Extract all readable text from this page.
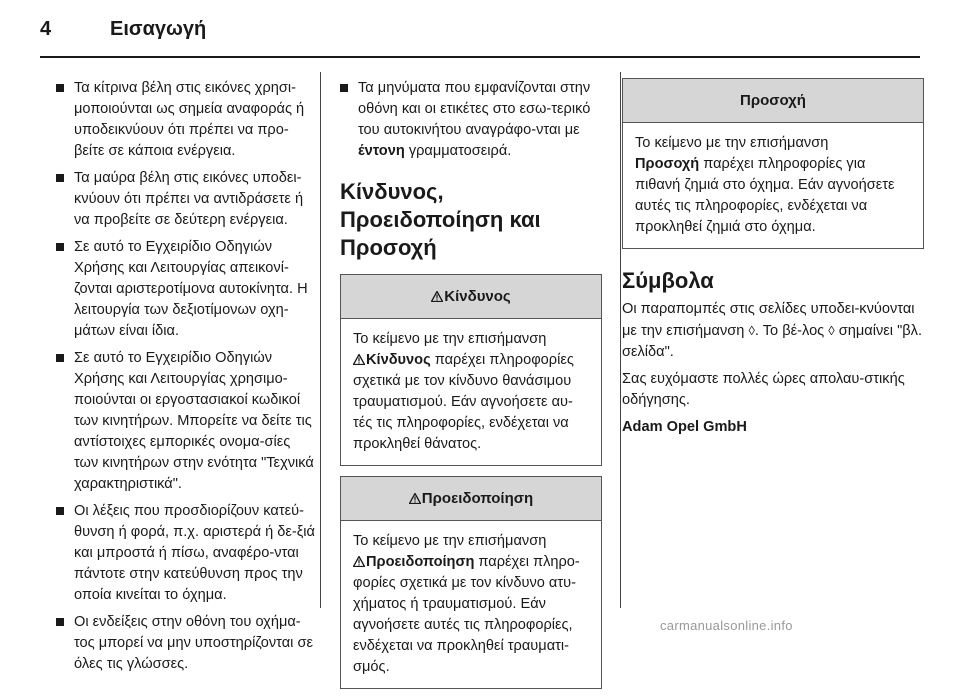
4	Εισαγωγή

Τα κίτρινα βέλη στις εικόνες χρησι-μοποιούνται ως σημεία αναφοράς ή υποδεικνύουν ότι πρέπει να προ-βείτε σε κάποια ενέργεια.

Τα μαύρα βέλη στις εικόνες υποδει-κνύουν ότι πρέπει να αντιδράσετε ή να προβείτε σε δεύτερη ενέργεια.

Σε αυτό το Εγχειρίδιο Οδηγιών Χρήσης και Λειτουργίας απεικονί-ζονται αριστεροτίμονα αυτοκίνητα. Η λειτουργία των δεξιοτίμονων οχη-μάτων είναι ίδια.

Σε αυτό το Εγχειρίδιο Οδηγιών Χρήσης και Λειτουργίας χρησιμο-ποιούνται οι εργοστασιακοί κωδικοί των κινητήρων. Μπορείτε να δείτε τις αντίστοιχες εμπορικές ονομα-σίες των κινητήρων στην ενότητα "Τεχνικά χαρακτηριστικά".

Οι λέξεις που προσδιορίζουν κατεύ-θυνση ή φορά, π.χ. αριστερά ή δε-ξιά και μπροστά ή πίσω, αναφέρο-νται πάντοτε στην κατεύθυνση προς την οποία κινείται το όχημα.

Οι ενδείξεις στην οθόνη του οχήμα-τος μπορεί να μην υποστηρίζονται σε όλες τις γλώσσες.

Τα μηνύματα που εμφανίζονται στην οθόνη και οι ετικέτες στο εσω-τερικό του αυτοκινήτου αναγράφο-νται με έντονη γραμματοσειρά.

Κίνδυνος, Προειδοποίηση και Προσοχή
Κίνδυνος

Το κείμενο με την επισήμανση

Κίνδυνος παρέχει πληροφορίες σχετικά με τον κίνδυνο θανάσιμου τραυματισμού. Εάν αγνοήσετε αυ-τές τις πληροφορίες, ενδέχεται να προκληθεί θάνατος.

Προειδοποίηση

Το κείμενο με την επισήμανση

Προειδοποίηση παρέχει πληρο-φορίες σχετικά με τον κίνδυνο ατυ-χήματος ή τραυματισμού. Εάν αγνοήσετε αυτές τις πληροφορίες, ενδέχεται να προκληθεί τραυματι-σμός.

Προσοχή

Το κείμενο με την επισήμανση

Προσοχή παρέχει πληροφορίες για πιθανή ζημιά στο όχημα. Εάν αγνοήσετε αυτές τις πληροφορίες, ενδέχεται να προκληθεί ζημιά στο όχημα.

Σύμβολα

Οι παραπομπές στις σελίδες υποδει-κνύονται με την επισήμανση ◊. Το βέ-λος ◊ σημαίνει "βλ. σελίδα".

Σας ευχόμαστε πολλές ώρες απολαυ-στικής οδήγησης.

Adam Opel GmbH

carmanualsonline.info
